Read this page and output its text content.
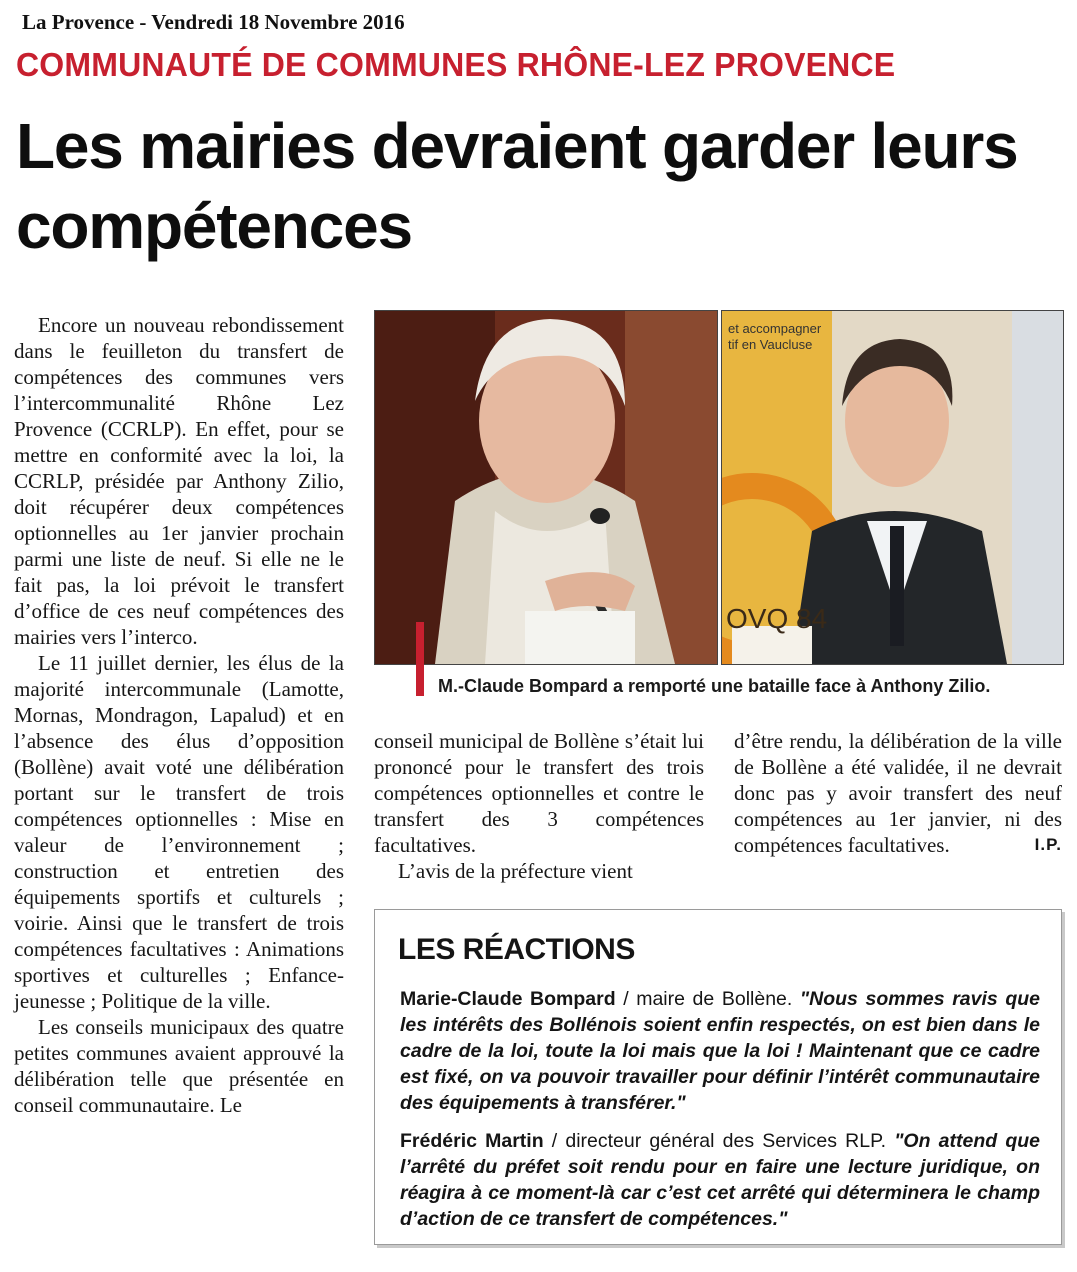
La Provence - Vendredi 18 Novembre 2016
COMMUNAUTÉ DE COMMUNES RHÔNE-LEZ PROVENCE
Les mairies devraient garder leurs compétences

Encore un nouveau rebondissement dans le feuilleton du transfert de compétences des communes vers l’intercommunalité Rhône Lez Provence (CCRLP). En effet, pour se mettre en conformité avec la loi, la CCRLP, présidée par Anthony Zilio, doit récupérer deux compétences optionnelles au 1er janvier prochain parmi une liste de neuf. Si elle ne le fait pas, la loi prévoit le transfert d’office de ces neuf compétences des mairies vers l’interco.

Le 11 juillet dernier, les élus de la majorité intercommunale (Lamotte, Mornas, Mondragon, Lapalud) et en l’absence des élus d’opposition (Bollène) avait voté une délibération portant sur le transfert de trois compétences optionnelles : Mise en valeur de l’environnement ; construction et entretien des équipements sportifs et culturels ; voirie. Ainsi que le transfert de trois compétences facultatives : Animations sportives et culturelles ; Enfance-jeunesse ; Politique de la ville.

Les conseils municipaux des quatre petites communes avaient approuvé la délibération telle que présentée en conseil communautaire. Le

et accompagner
tif en Vaucluse
OVQ 84
M.-Claude Bompard a remporté une bataille face à Anthony Zilio.

conseil municipal de Bollène s’était lui prononcé pour le transfert des trois compétences optionnelles et contre le transfert des 3 compétences facultatives.

L’avis de la préfecture vient

d’être rendu, la délibération de la ville de Bollène a été validée, il ne devrait donc pas y avoir transfert des neuf compétences au 1er janvier, ni des compétences facultatives.	I.P.

LES RÉACTIONS
Marie-Claude Bompard / maire de Bollène. "Nous sommes ravis que les intérêts des Bollénois soient enfin respectés, on est bien dans le cadre de la loi, toute la loi mais que la loi ! Maintenant que ce cadre est fixé, on va pouvoir travailler pour définir l’intérêt communautaire des équipements à transférer."
Frédéric Martin / directeur général des Services RLP. "On attend que l’arrêté du préfet soit rendu pour en faire une lecture juridique, on réagira à ce moment-là car c’est cet arrêté qui déterminera le champ d’action de ce transfert de compétences."
